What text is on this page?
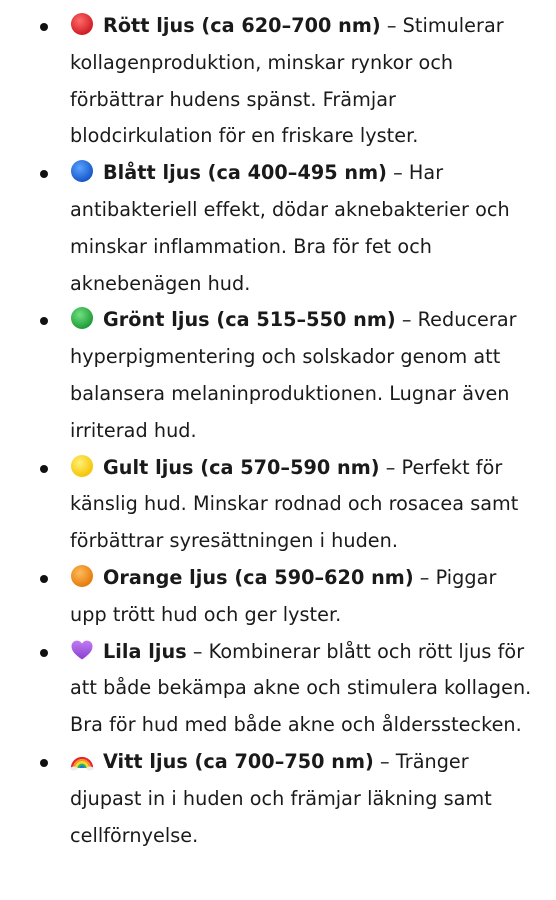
Rött ljus (ca 620–700 nm) – Stimulerar kollagenproduktion, minskar rynkor och förbättrar hudens spänst. Främjar blodcirkulation för en friskare lyster.
Blått ljus (ca 400–495 nm) – Har antibakteriell effekt, dödar aknebakterier och minskar inflammation. Bra för fet och aknebenägen hud.
Grönt ljus (ca 515–550 nm) – Reducerar hyperpigmentering och solskador genom att balansera melaninproduktionen. Lugnar även irriterad hud.
Gult ljus (ca 570–590 nm) – Perfekt för känslig hud. Minskar rodnad och rosacea samt förbättrar syresättningen i huden.
Orange ljus (ca 590–620 nm) – Piggar upp trött hud och ger lyster.
Lila ljus – Kombinerar blått och rött ljus för att både bekämpa akne och stimulera kollagen. Bra för hud med både akne och åldersstecken.
Vitt ljus (ca 700–750 nm) – Tränger djupast in i huden och främjar läkning samt cellförnyelse.
